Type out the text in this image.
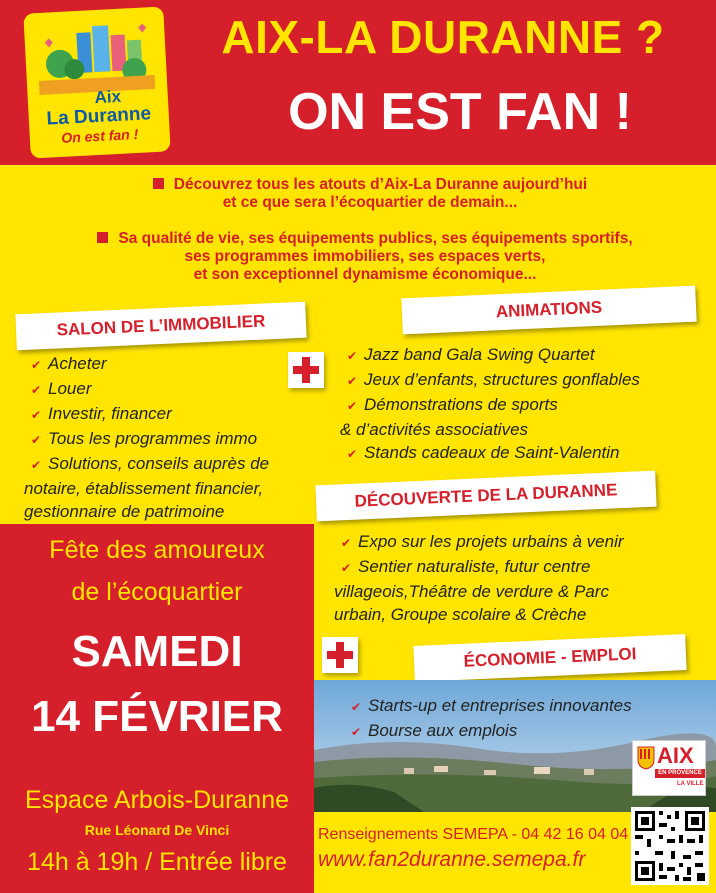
Aix
La Duranne
On est fan !
AIX-LA DURANNE ?
ON EST FAN !
Découvrez tous les atouts d’Aix-La Duranne aujourd’hui
et ce que sera l’écoquartier de demain...
Sa qualité de vie, ses équipements publics, ses équipements sportifs,
ses programmes immobiliers, ses espaces verts,
et son exceptionnel dynamisme économique...
SALON DE L’IMMOBILIER
ANIMATIONS
✔ Acheter
✔ Louer
✔ Investir, financer
✔ Tous les programmes immo
✔ Solutions, conseils auprès de
notaire, établissement financier,
gestionnaire de patrimoine
✔ Jazz band Gala Swing Quartet
✔ Jeux d’enfants, structures gonflables
✔ Démonstrations de sports
& d’activités associatives
✔ Stands cadeaux de Saint-Valentin
DÉCOUVERTE DE LA DURANNE
Fête des amoureux
de l’écoquartier
SAMEDI
14 FÉVRIER
Espace Arbois-Duranne
Rue Léonard De Vinci
14h à 19h / Entrée libre
✔ Expo sur les projets urbains à venir
✔ Sentier naturaliste, futur centre
villageois,Théâtre de verdure & Parc
urbain, Groupe scolaire & Crèche
ÉCONOMIE - EMPLOI
✔ Starts-up et entreprises innovantes
✔ Bourse aux emplois
AIX
EN PROVENCE
LA VILLE
Renseignements SEMEPA - 04 42 16 04 04
www.fan2duranne.semepa.fr
